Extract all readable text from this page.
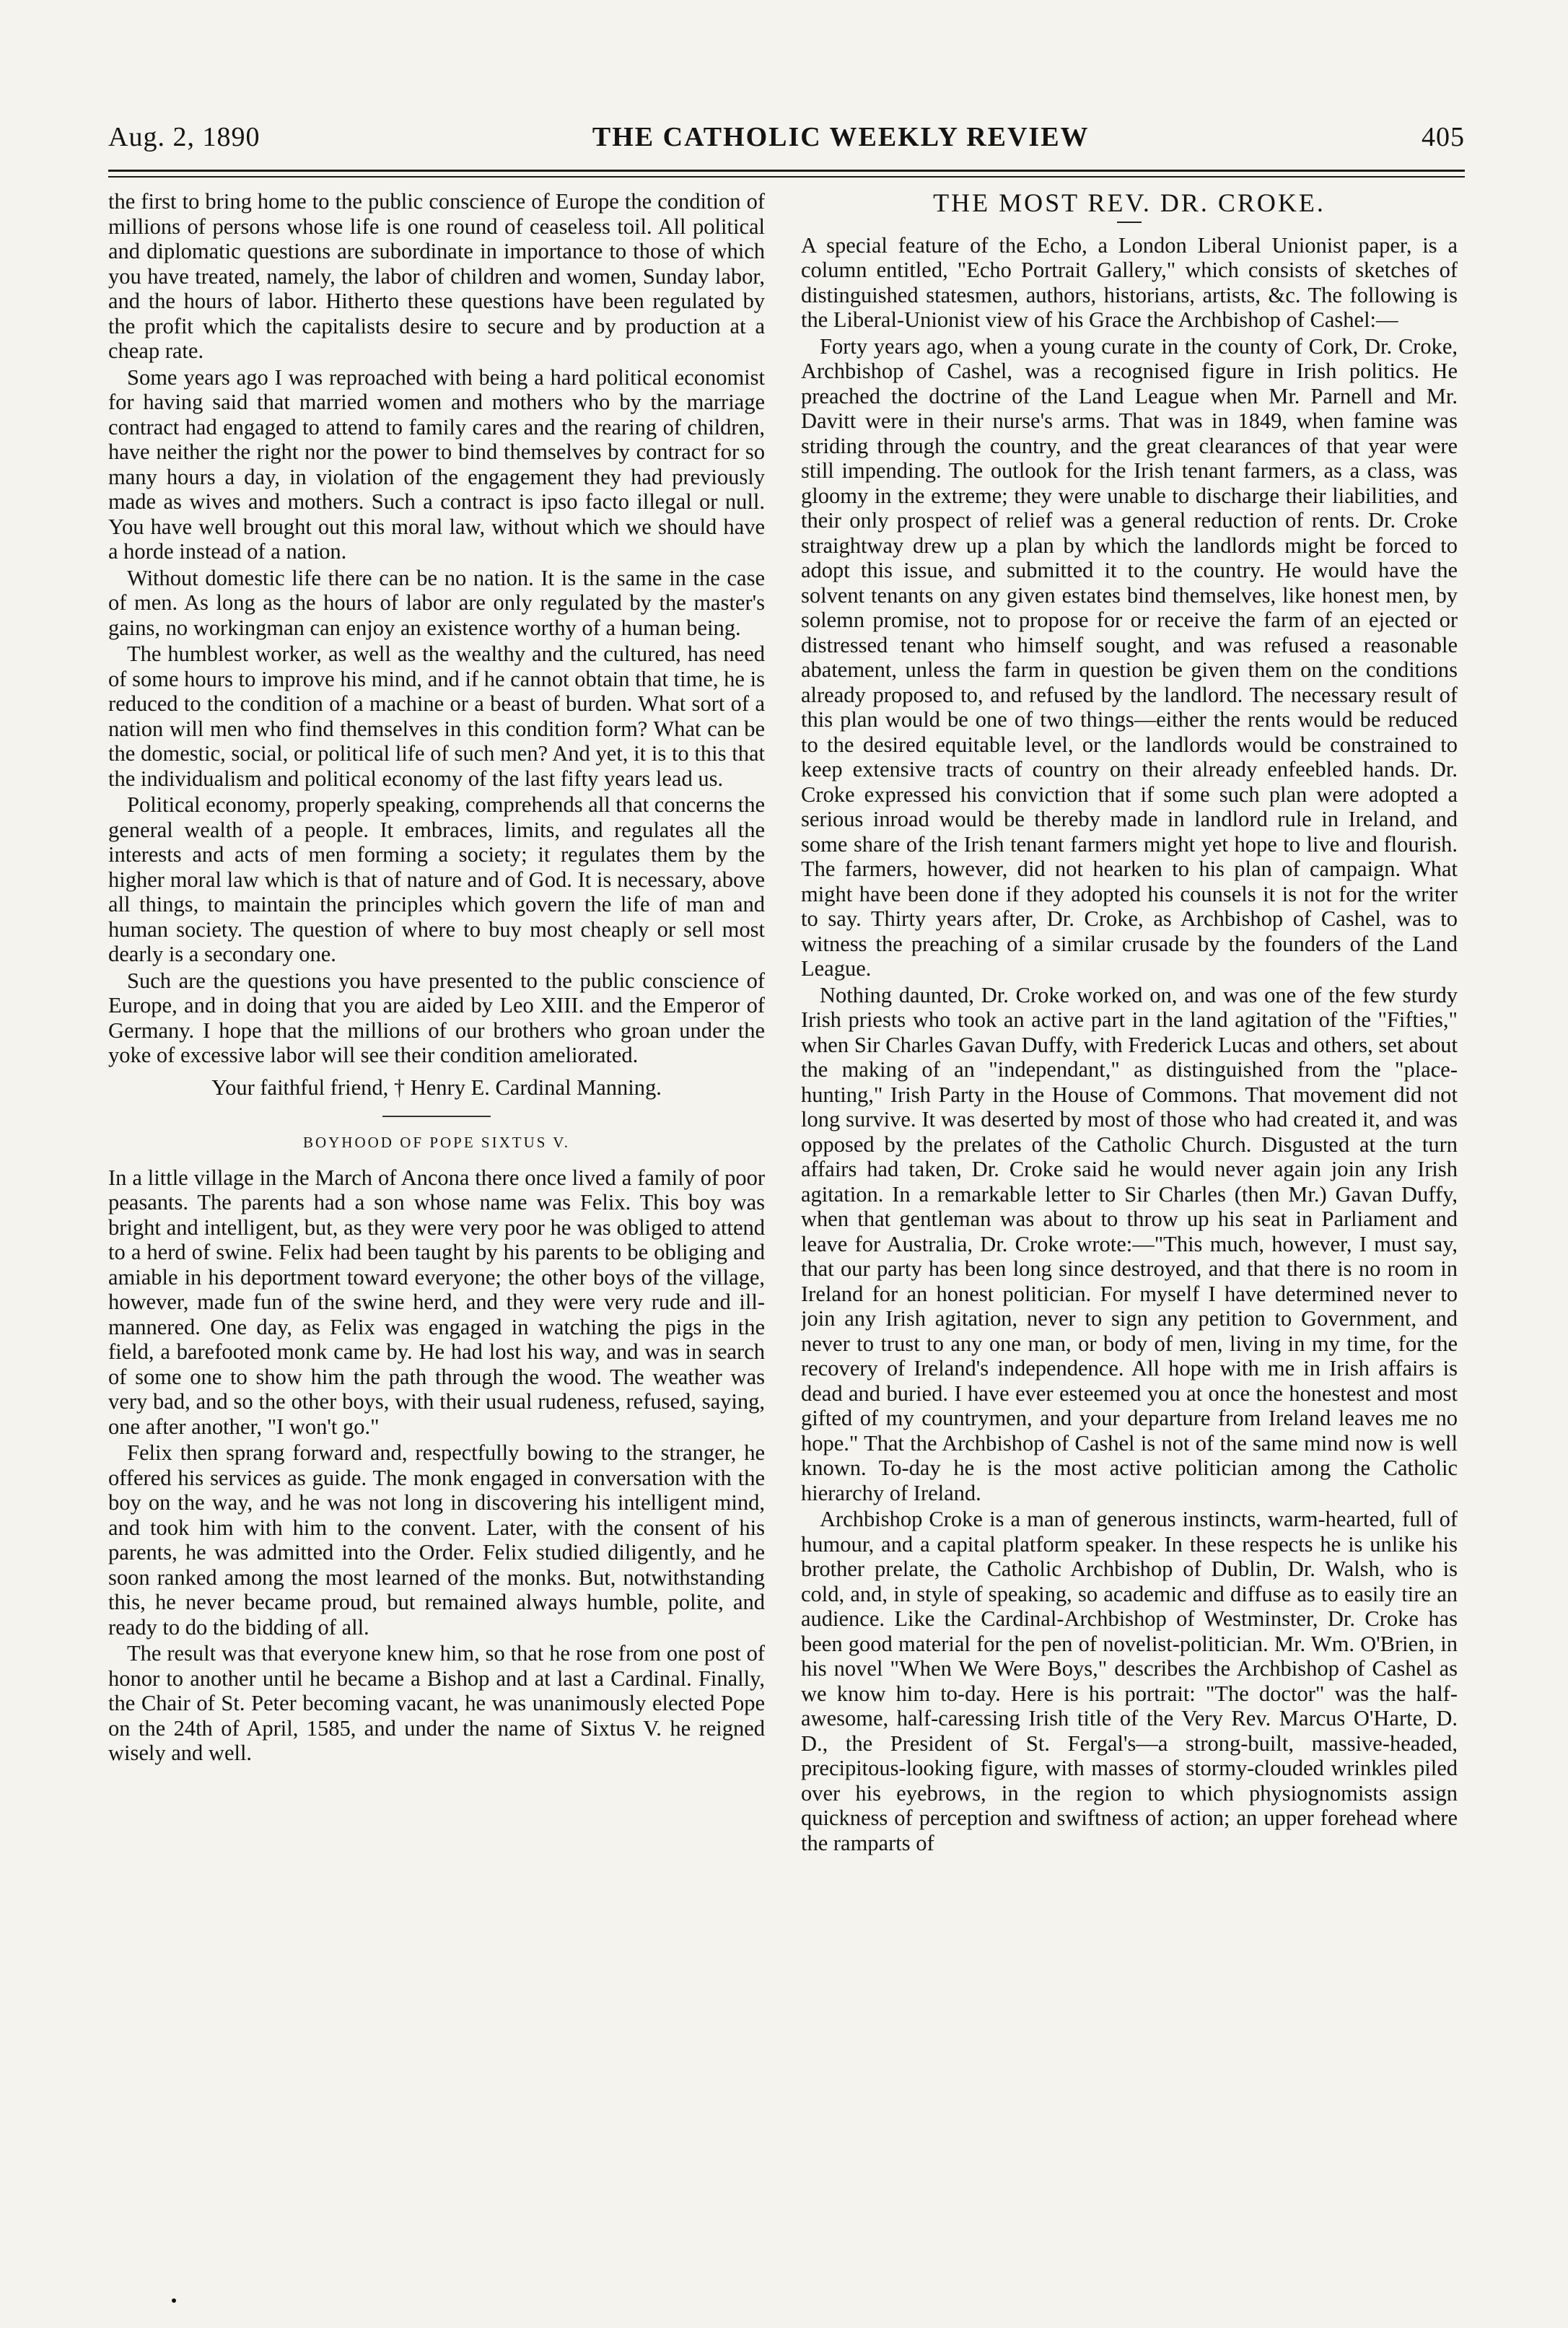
Aug. 2, 1890	THE CATHOLIC WEEKLY REVIEW	405

the first to bring home to the public conscience of Europe the condition of millions of persons whose life is one round of ceaseless toil. All political and diplomatic questions are subordinate in importance to those of which you have treated, namely, the labor of children and women, Sunday labor, and the hours of labor. Hitherto these questions have been regulated by the profit which the capitalists desire to secure and by production at a cheap rate.

Some years ago I was reproached with being a hard political economist for having said that married women and mothers who by the marriage contract had engaged to attend to family cares and the rearing of children, have neither the right nor the power to bind themselves by contract for so many hours a day, in violation of the engagement they had previously made as wives and mothers. Such a contract is ipso facto illegal or null. You have well brought out this moral law, without which we should have a horde instead of a nation.

Without domestic life there can be no nation. It is the same in the case of men. As long as the hours of labor are only regulated by the master's gains, no workingman can enjoy an existence worthy of a human being.

The humblest worker, as well as the wealthy and the cultured, has need of some hours to improve his mind, and if he cannot obtain that time, he is reduced to the condition of a machine or a beast of burden. What sort of a nation will men who find themselves in this condition form? What can be the domestic, social, or political life of such men? And yet, it is to this that the individualism and political economy of the last fifty years lead us.

Political economy, properly speaking, comprehends all that concerns the general wealth of a people. It embraces, limits, and regulates all the interests and acts of men forming a society; it regulates them by the higher moral law which is that of nature and of God. It is necessary, above all things, to maintain the principles which govern the life of man and human society. The question of where to buy most cheaply or sell most dearly is a secondary one.

Such are the questions you have presented to the public conscience of Europe, and in doing that you are aided by Leo XIII. and the Emperor of Germany. I hope that the millions of our brothers who groan under the yoke of excessive labor will see their condition ameliorated.

Your faithful friend, † Henry E. Cardinal Manning.
BOYHOOD OF POPE SIXTUS V.

In a little village in the March of Ancona there once lived a family of poor peasants. The parents had a son whose name was Felix. This boy was bright and intelligent, but, as they were very poor he was obliged to attend to a herd of swine. Felix had been taught by his parents to be obliging and amiable in his deportment toward everyone; the other boys of the village, however, made fun of the swine herd, and they were very rude and ill-mannered. One day, as Felix was engaged in watching the pigs in the field, a barefooted monk came by. He had lost his way, and was in search of some one to show him the path through the wood. The weather was very bad, and so the other boys, with their usual rudeness, refused, saying, one after another, "I won't go."

Felix then sprang forward and, respectfully bowing to the stranger, he offered his services as guide. The monk engaged in conversation with the boy on the way, and he was not long in discovering his intelligent mind, and took him with him to the convent. Later, with the consent of his parents, he was admitted into the Order. Felix studied diligently, and he soon ranked among the most learned of the monks. But, notwithstanding this, he never became proud, but remained always humble, polite, and ready to do the bidding of all.

The result was that everyone knew him, so that he rose from one post of honor to another until he became a Bishop and at last a Cardinal. Finally, the Chair of St. Peter becoming vacant, he was unanimously elected Pope on the 24th of April, 1585, and under the name of Sixtus V. he reigned wisely and well.

THE MOST REV. DR. CROKE.

A special feature of the Echo, a London Liberal Unionist paper, is a column entitled, "Echo Portrait Gallery," which consists of sketches of distinguished statesmen, authors, historians, artists, &c. The following is the Liberal-Unionist view of his Grace the Archbishop of Cashel:—

Forty years ago, when a young curate in the county of Cork, Dr. Croke, Archbishop of Cashel, was a recognised figure in Irish politics. He preached the doctrine of the Land League when Mr. Parnell and Mr. Davitt were in their nurse's arms. That was in 1849, when famine was striding through the country, and the great clearances of that year were still impending. The outlook for the Irish tenant farmers, as a class, was gloomy in the extreme; they were unable to discharge their liabilities, and their only prospect of relief was a general reduction of rents. Dr. Croke straightway drew up a plan by which the landlords might be forced to adopt this issue, and submitted it to the country. He would have the solvent tenants on any given estates bind themselves, like honest men, by solemn promise, not to propose for or receive the farm of an ejected or distressed tenant who himself sought, and was refused a reasonable abatement, unless the farm in question be given them on the conditions already proposed to, and refused by the landlord. The necessary result of this plan would be one of two things—either the rents would be reduced to the desired equitable level, or the landlords would be constrained to keep extensive tracts of country on their already enfeebled hands. Dr. Croke expressed his conviction that if some such plan were adopted a serious inroad would be thereby made in landlord rule in Ireland, and some share of the Irish tenant farmers might yet hope to live and flourish. The farmers, however, did not hearken to his plan of campaign. What might have been done if they adopted his counsels it is not for the writer to say. Thirty years after, Dr. Croke, as Archbishop of Cashel, was to witness the preaching of a similar crusade by the founders of the Land League.

Nothing daunted, Dr. Croke worked on, and was one of the few sturdy Irish priests who took an active part in the land agitation of the "Fifties," when Sir Charles Gavan Duffy, with Frederick Lucas and others, set about the making of an "independant," as distinguished from the "place-hunting," Irish Party in the House of Commons. That movement did not long survive. It was deserted by most of those who had created it, and was opposed by the prelates of the Catholic Church. Disgusted at the turn affairs had taken, Dr. Croke said he would never again join any Irish agitation. In a remarkable letter to Sir Charles (then Mr.) Gavan Duffy, when that gentleman was about to throw up his seat in Parliament and leave for Australia, Dr. Croke wrote:—"This much, however, I must say, that our party has been long since destroyed, and that there is no room in Ireland for an honest politician. For myself I have determined never to join any Irish agitation, never to sign any petition to Government, and never to trust to any one man, or body of men, living in my time, for the recovery of Ireland's independence. All hope with me in Irish affairs is dead and buried. I have ever esteemed you at once the honestest and most gifted of my countrymen, and your departure from Ireland leaves me no hope." That the Archbishop of Cashel is not of the same mind now is well known. To-day he is the most active politician among the Catholic hierarchy of Ireland.

Archbishop Croke is a man of generous instincts, warm-hearted, full of humour, and a capital platform speaker. In these respects he is unlike his brother prelate, the Catholic Archbishop of Dublin, Dr. Walsh, who is cold, and, in style of speaking, so academic and diffuse as to easily tire an audience. Like the Cardinal-Archbishop of Westminster, Dr. Croke has been good material for the pen of novelist-politician. Mr. Wm. O'Brien, in his novel "When We Were Boys," describes the Archbishop of Cashel as we know him to-day. Here is his portrait: "The doctor" was the half-awesome, half-caressing Irish title of the Very Rev. Marcus O'Harte, D. D., the President of St. Fergal's—a strong-built, massive-headed, precipitous-looking figure, with masses of stormy-clouded wrinkles piled over his eyebrows, in the region to which physiognomists assign quickness of perception and swiftness of action; an upper forehead where the ramparts of
